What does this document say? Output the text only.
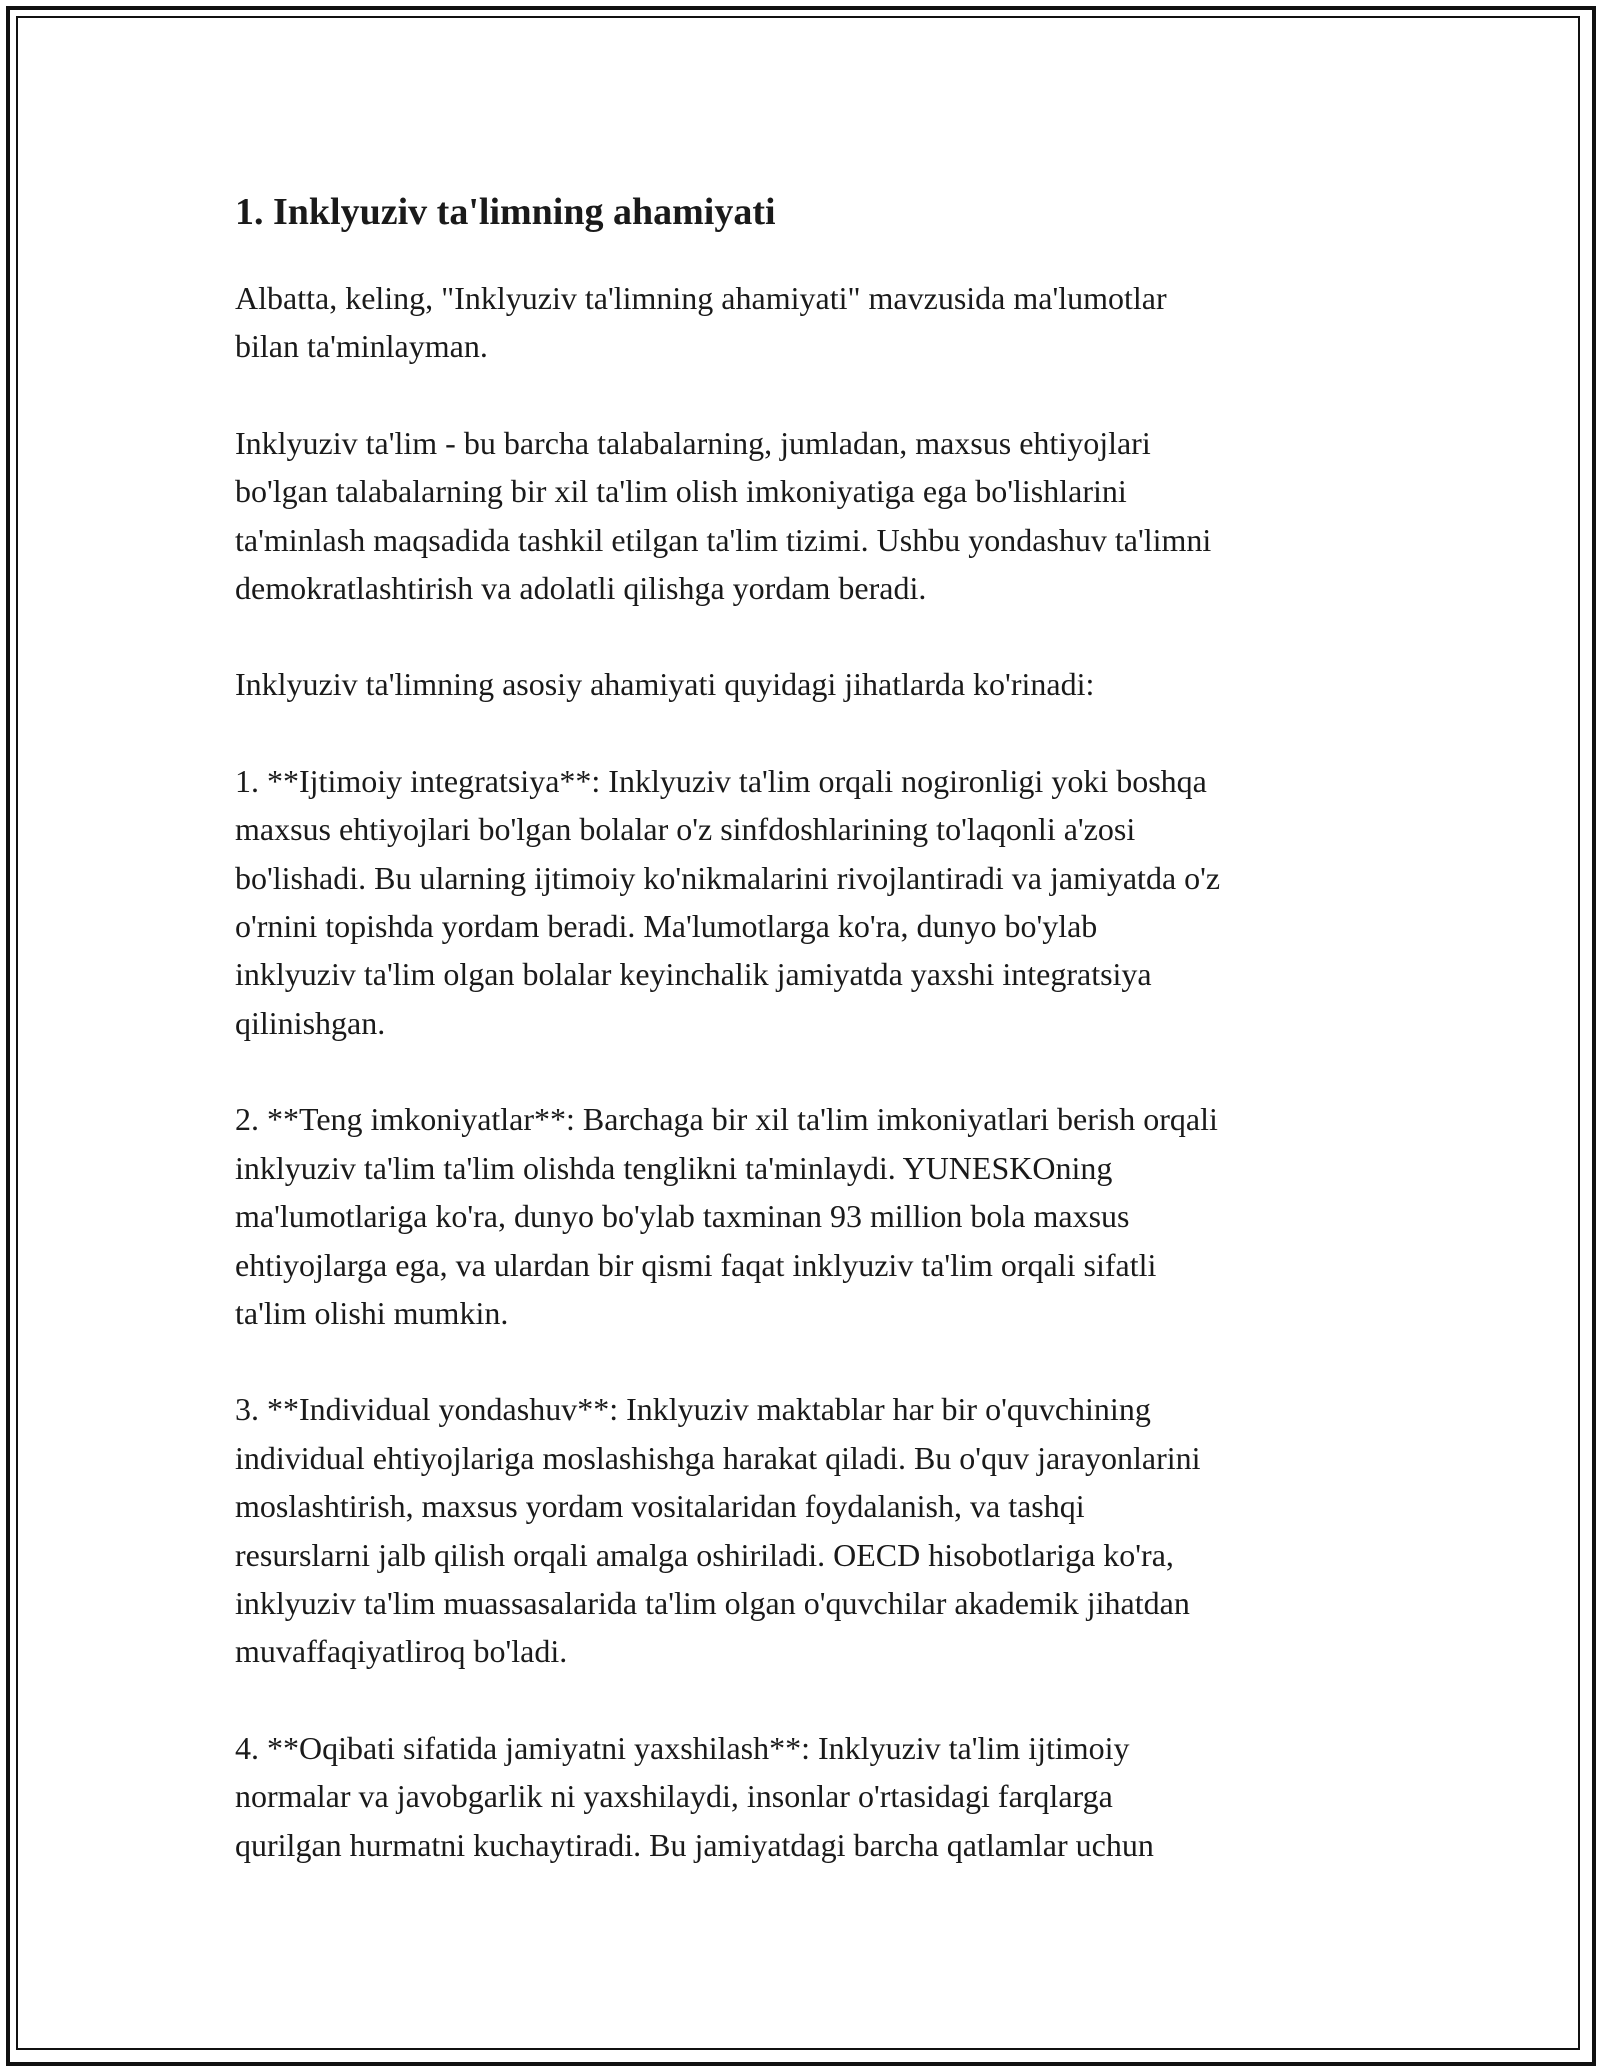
1. Inklyuziv ta'limning ahamiyati

Albatta, keling, "Inklyuziv ta'limning ahamiyati" mavzusida ma'lumotlar
bilan ta'minlayman.

Inklyuziv ta'lim - bu barcha talabalarning, jumladan, maxsus ehtiyojlari
bo'lgan talabalarning bir xil ta'lim olish imkoniyatiga ega bo'lishlarini
ta'minlash maqsadida tashkil etilgan ta'lim tizimi. Ushbu yondashuv ta'limni
demokratlashtirish va adolatli qilishga yordam beradi.

Inklyuziv ta'limning asosiy ahamiyati quyidagi jihatlarda ko'rinadi:

1. **Ijtimoiy integratsiya**: Inklyuziv ta'lim orqali nogironligi yoki boshqa
maxsus ehtiyojlari bo'lgan bolalar o'z sinfdoshlarining to'laqonli a'zosi
bo'lishadi. Bu ularning ijtimoiy ko'nikmalarini rivojlantiradi va jamiyatda o'z
o'rnini topishda yordam beradi. Ma'lumotlarga ko'ra, dunyo bo'ylab
inklyuziv ta'lim olgan bolalar keyinchalik jamiyatda yaxshi integratsiya
qilinishgan.

2. **Teng imkoniyatlar**: Barchaga bir xil ta'lim imkoniyatlari berish orqali
inklyuziv ta'lim ta'lim olishda tenglikni ta'minlaydi. YUNESKOning
ma'lumotlariga ko'ra, dunyo bo'ylab taxminan 93 million bola maxsus
ehtiyojlarga ega, va ulardan bir qismi faqat inklyuziv ta'lim orqali sifatli
ta'lim olishi mumkin.

3. **Individual yondashuv**: Inklyuziv maktablar har bir o'quvchining
individual ehtiyojlariga moslashishga harakat qiladi. Bu o'quv jarayonlarini
moslashtirish, maxsus yordam vositalaridan foydalanish, va tashqi
resurslarni jalb qilish orqali amalga oshiriladi. OECD hisobotlariga ko'ra,
inklyuziv ta'lim muassasalarida ta'lim olgan o'quvchilar akademik jihatdan
muvaffaqiyatliroq bo'ladi.

4. **Oqibati sifatida jamiyatni yaxshilash**: Inklyuziv ta'lim ijtimoiy
normalar va javobgarlik ni yaxshilaydi, insonlar o'rtasidagi farqlarga
qurilgan hurmatni kuchaytiradi. Bu jamiyatdagi barcha qatlamlar uchun
